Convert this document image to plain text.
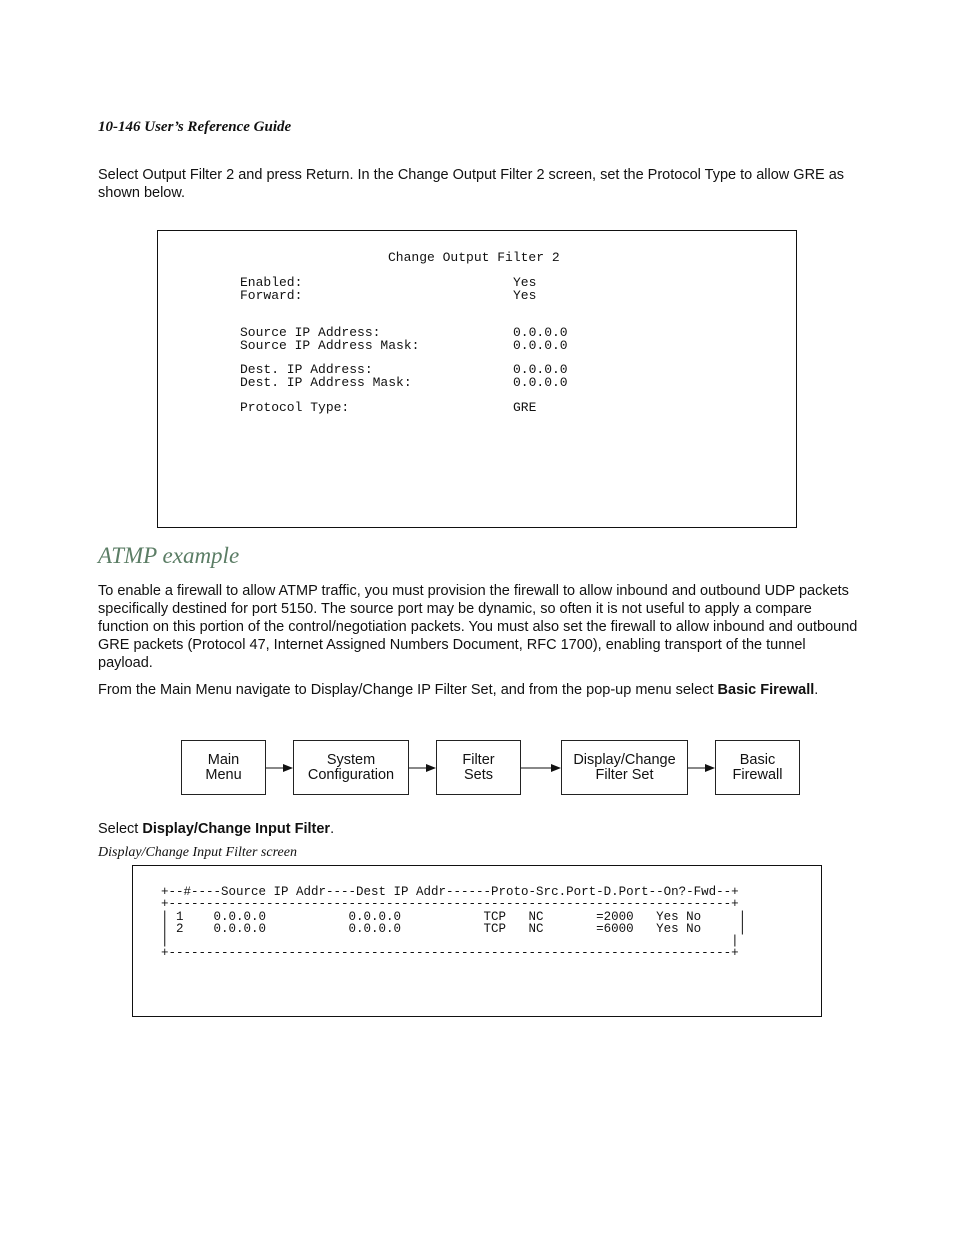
10-146 User’s Reference Guide
Select Output Filter 2 and press Return. In the Change Output Filter 2 screen, set the Protocol Type to allow GRE as shown below.
Change Output Filter 2
Enabled:	Yes
Forward:	Yes
Source IP Address:	0.0.0.0
Source IP Address Mask:	0.0.0.0
Dest. IP Address:	0.0.0.0
Dest. IP Address Mask:	0.0.0.0
Protocol Type:	GRE
ATMP example
To enable a firewall to allow ATMP traffic, you must provision the firewall to allow inbound and outbound UDP packets specifically destined for port 5150. The source port may be dynamic, so often it is not useful to apply a compare function on this portion of the control/negotiation packets. You must also set the firewall to allow inbound and outbound GRE packets (Protocol 47, Internet Assigned Numbers Document, RFC 1700), enabling transport of the tunnel payload.
From the Main Menu navigate to Display/Change IP Filter Set, and from the pop-up menu select Basic Firewall.
Main
Menu
System
Configuration
Filter
Sets
Display/Change
Filter Set
Basic
Firewall
Select Display/Change Input Filter.
Display/Change Input Filter screen
+--#----Source IP Addr----Dest IP Addr------Proto-Src.Port-D.Port--On?-Fwd--+
+---------------------------------------------------------------------------+
| 1    0.0.0.0           0.0.0.0           TCP   NC       =2000   Yes No     |
| 2    0.0.0.0           0.0.0.0           TCP   NC       =6000   Yes No     |
|                                                                           |
+---------------------------------------------------------------------------+
